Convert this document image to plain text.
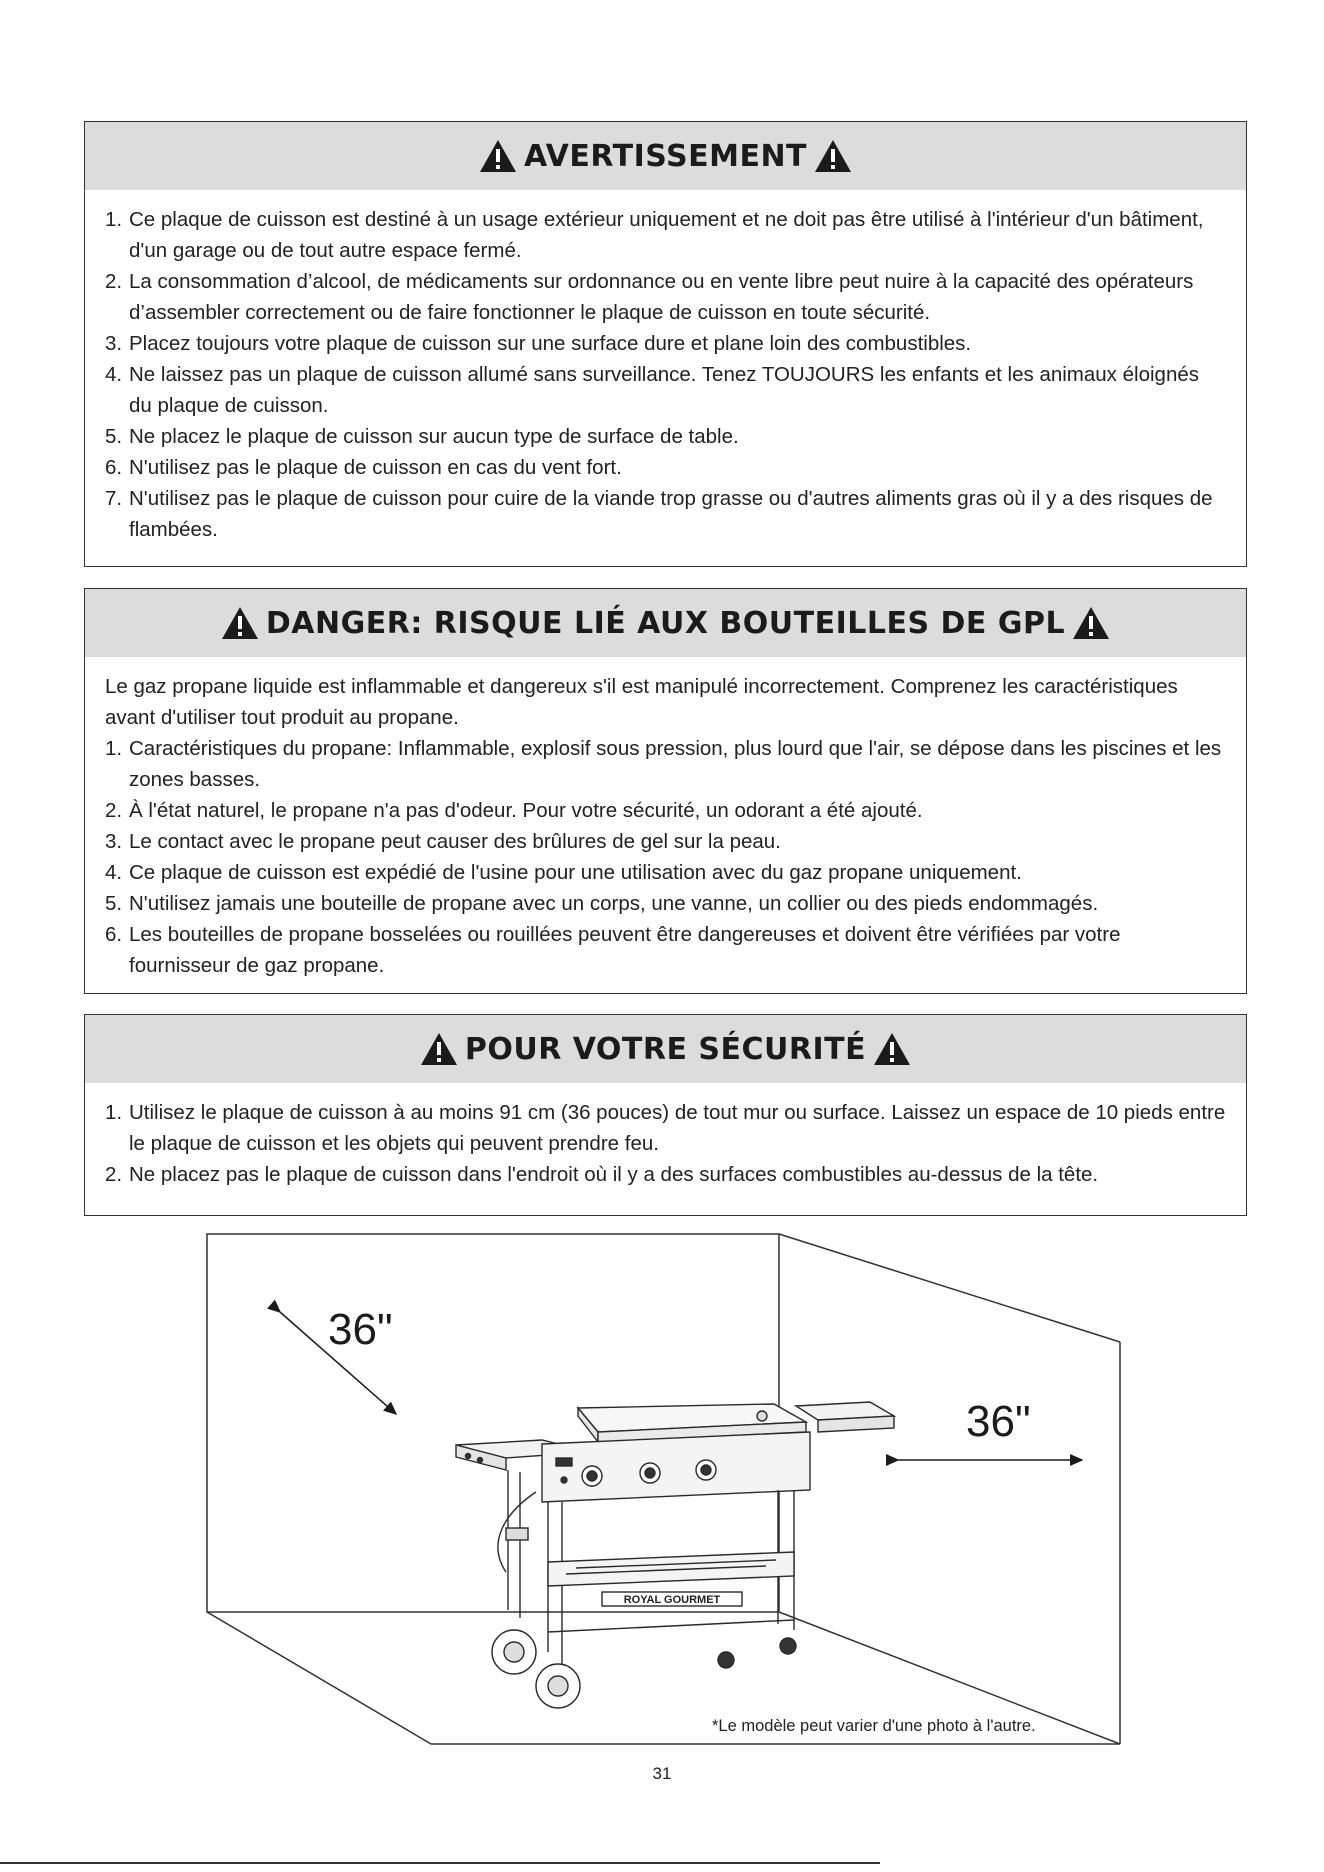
AVERTISSEMENT
1. Ce plaque de cuisson est destiné à un usage extérieur uniquement et ne doit pas être utilisé à l'intérieur d'un bâtiment, d'un garage ou de tout autre espace fermé.
2. La consommation d’alcool, de médicaments sur ordonnance ou en vente libre peut nuire à la capacité des opérateurs d’assembler correctement ou de faire fonctionner le plaque de cuisson en toute sécurité.
3. Placez toujours votre plaque de cuisson sur une surface dure et plane loin des combustibles.
4. Ne laissez pas un plaque de cuisson allumé sans surveillance. Tenez TOUJOURS les enfants et les animaux éloignés du plaque de cuisson.
5. Ne placez le plaque de cuisson sur aucun type de surface de table.
6. N'utilisez pas le plaque de cuisson en cas du vent fort.
7. N'utilisez pas le plaque de cuisson pour cuire de la viande trop grasse ou d'autres aliments gras où il y a des risques de flambées.
DANGER: RISQUE LIÉ AUX BOUTEILLES DE GPL

Le gaz propane liquide est inflammable et dangereux s'il est manipulé incorrectement. Comprenez les caractéristiques avant d'utiliser tout produit au propane.

1. Caractéristiques du propane: Inflammable, explosif sous pression, plus lourd que l'air, se dépose dans les piscines et les zones basses.
2. À l'état naturel, le propane n'a pas d'odeur. Pour votre sécurité, un odorant a été ajouté.
3. Le contact avec le propane peut causer des brûlures de gel sur la peau.
4. Ce plaque de cuisson est expédié de l'usine pour une utilisation avec du gaz propane uniquement.
5. N'utilisez jamais une bouteille de propane avec un corps, une vanne, un collier ou des pieds endommagés.
6. Les bouteilles de propane bosselées ou rouillées peuvent être dangereuses et doivent être vérifiées par votre fournisseur de gaz propane.
POUR VOTRE SÉCURITÉ
1. Utilisez le plaque de cuisson à au moins 91 cm (36 pouces) de tout mur ou surface. Laissez un espace de 10 pieds entre le plaque de cuisson et les objets qui peuvent prendre feu.
2. Ne placez pas le plaque de cuisson dans l'endroit où il y a des surfaces combustibles au-dessus de la tête.
ROYAL GOURMET
36"
36"
*Le modèle peut varier d'une photo à l'autre.
31
